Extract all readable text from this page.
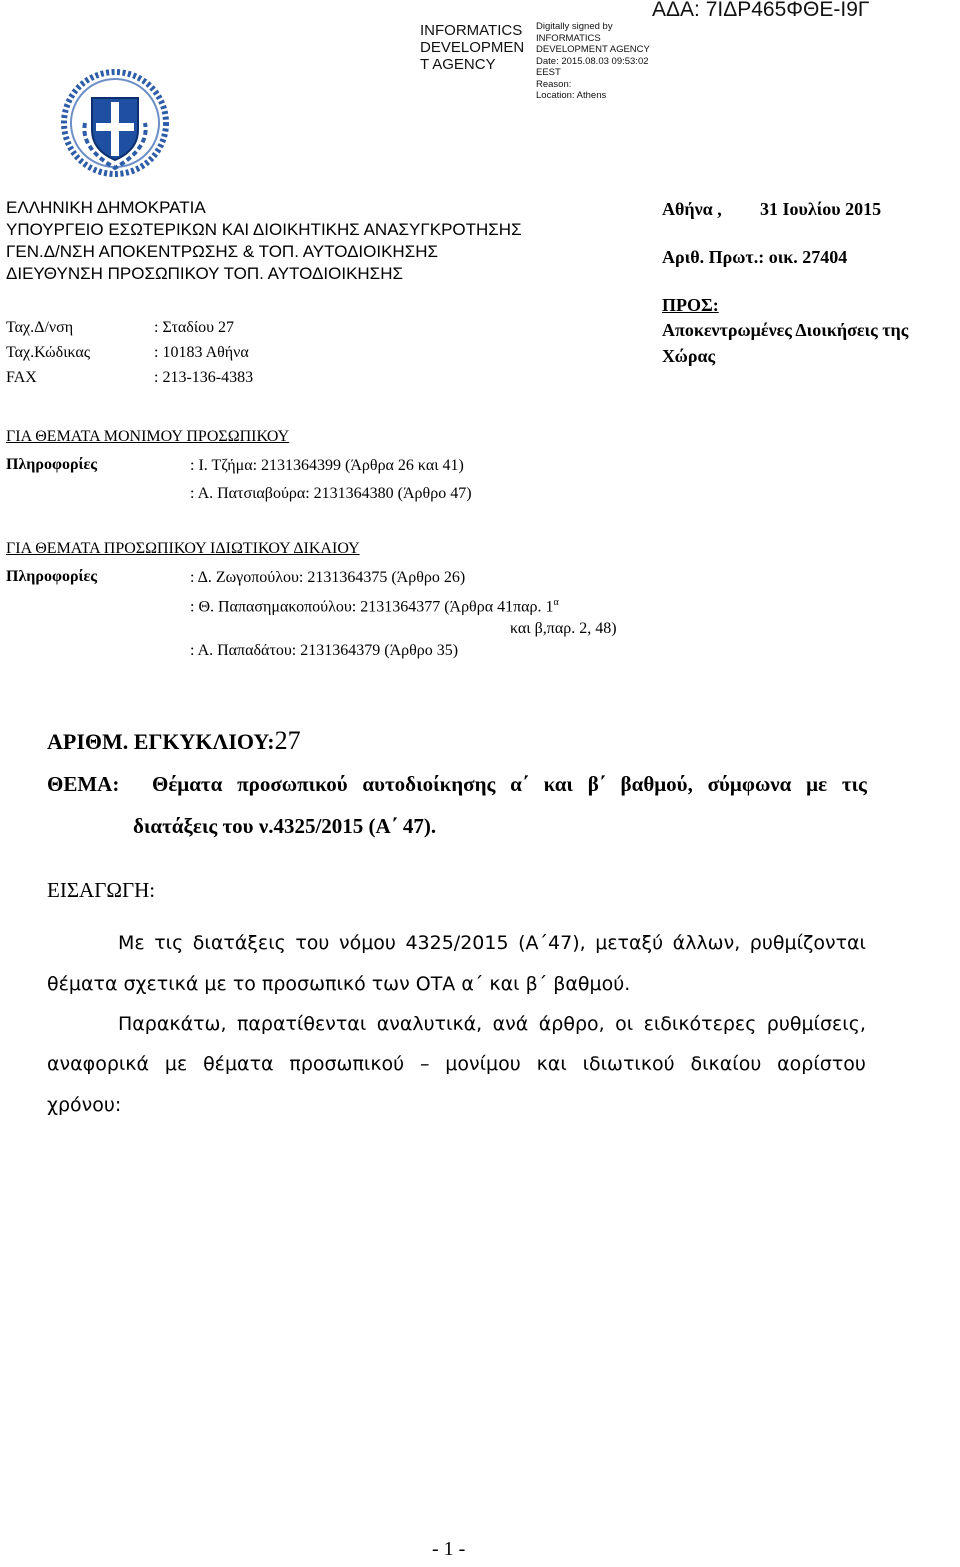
INFORMATICS
DEVELOPMEN
T AGENCY
Digitally signed by
INFORMATICS
DEVELOPMENT AGENCY
Date: 2015.08.03 09:53:02
EEST
Reason:
Location: Athens
ΑΔΑ: 7ΙΔΡ465ΦΘΕ-Ι9Γ
ΕΛΛΗΝΙΚΗ ΔΗΜΟΚΡΑΤΙΑ
ΥΠΟΥΡΓΕΙΟ ΕΣΩΤΕΡΙΚΩΝ ΚΑΙ ΔΙΟΙΚΗΤΙΚΗΣ ΑΝΑΣΥΓΚΡΟΤΗΣΗΣ
ΓΕΝ.Δ/ΝΣΗ ΑΠΟΚΕΝΤΡΩΣΗΣ & ΤΟΠ. ΑΥΤΟΔΙΟΙΚΗΣΗΣ
ΔΙΕΥΘΥΝΣΗ ΠΡΟΣΩΠΙΚΟΥ ΤΟΠ. ΑΥΤΟΔΙΟΙΚΗΣΗΣ
Ταχ.Δ/νση	: Σταδίου 27
Ταχ.Κώδικας	: 10183 Αθήνα
FAX	: 213-136-4383
Αθήνα , 31 Ιουλίου 2015
Αριθ. Πρωτ.: οικ. 27404
ΠΡΟΣ:
Αποκεντρωμένες Διοικήσεις της
Χώρας
ΓΙΑ ΘΕΜΑΤΑ ΜΟΝΙΜΟΥ ΠΡΟΣΩΠΙΚΟΥ
Πληροφορίες	: Ι. Τζήμα: 2131364399 (Άρθρα 26 και 41)
: Α. Πατσιαβούρα: 2131364380 (Άρθρο 47)
ΓΙΑ ΘΕΜΑΤΑ ΠΡΟΣΩΠΙΚΟΥ ΙΔΙΩΤΙΚΟΥ ΔΙΚΑΙΟΥ
Πληροφορίες	: Δ. Ζωγοπούλου: 2131364375 (Άρθρο 26)
: Θ. Παπασημακοπούλου: 2131364377 (Άρθρα 41παρ. $1^\alpha$
και β,παρ. 2, 48)
: Α. Παπαδάτου: 2131364379 (Άρθρο 35)
ΑΡΙΘΜ. ΕΓΚΥΚΛΙΟΥ:27
ΘΕΜΑ: Θέματα προσωπικού αυτοδιοίκησης α΄ και β΄ βαθμού, σύμφωνα με τις
διατάξεις του ν.4325/2015 (Α΄ 47).
ΕΙΣΑΓΩΓΗ:
Με τις διατάξεις του νόμου 4325/2015 (Α΄47), μεταξύ άλλων, ρυθμίζονται
θέματα σχετικά με το προσωπικό των ΟΤΑ α΄ και β΄ βαθμού.
Παρακάτω, παρατίθενται αναλυτικά, ανά άρθρο, οι ειδικότερες ρυθμίσεις,
αναφορικά με θέματα προσωπικού – μονίμου και ιδιωτικού δικαίου αορίστου
χρόνου:
- 1 -
